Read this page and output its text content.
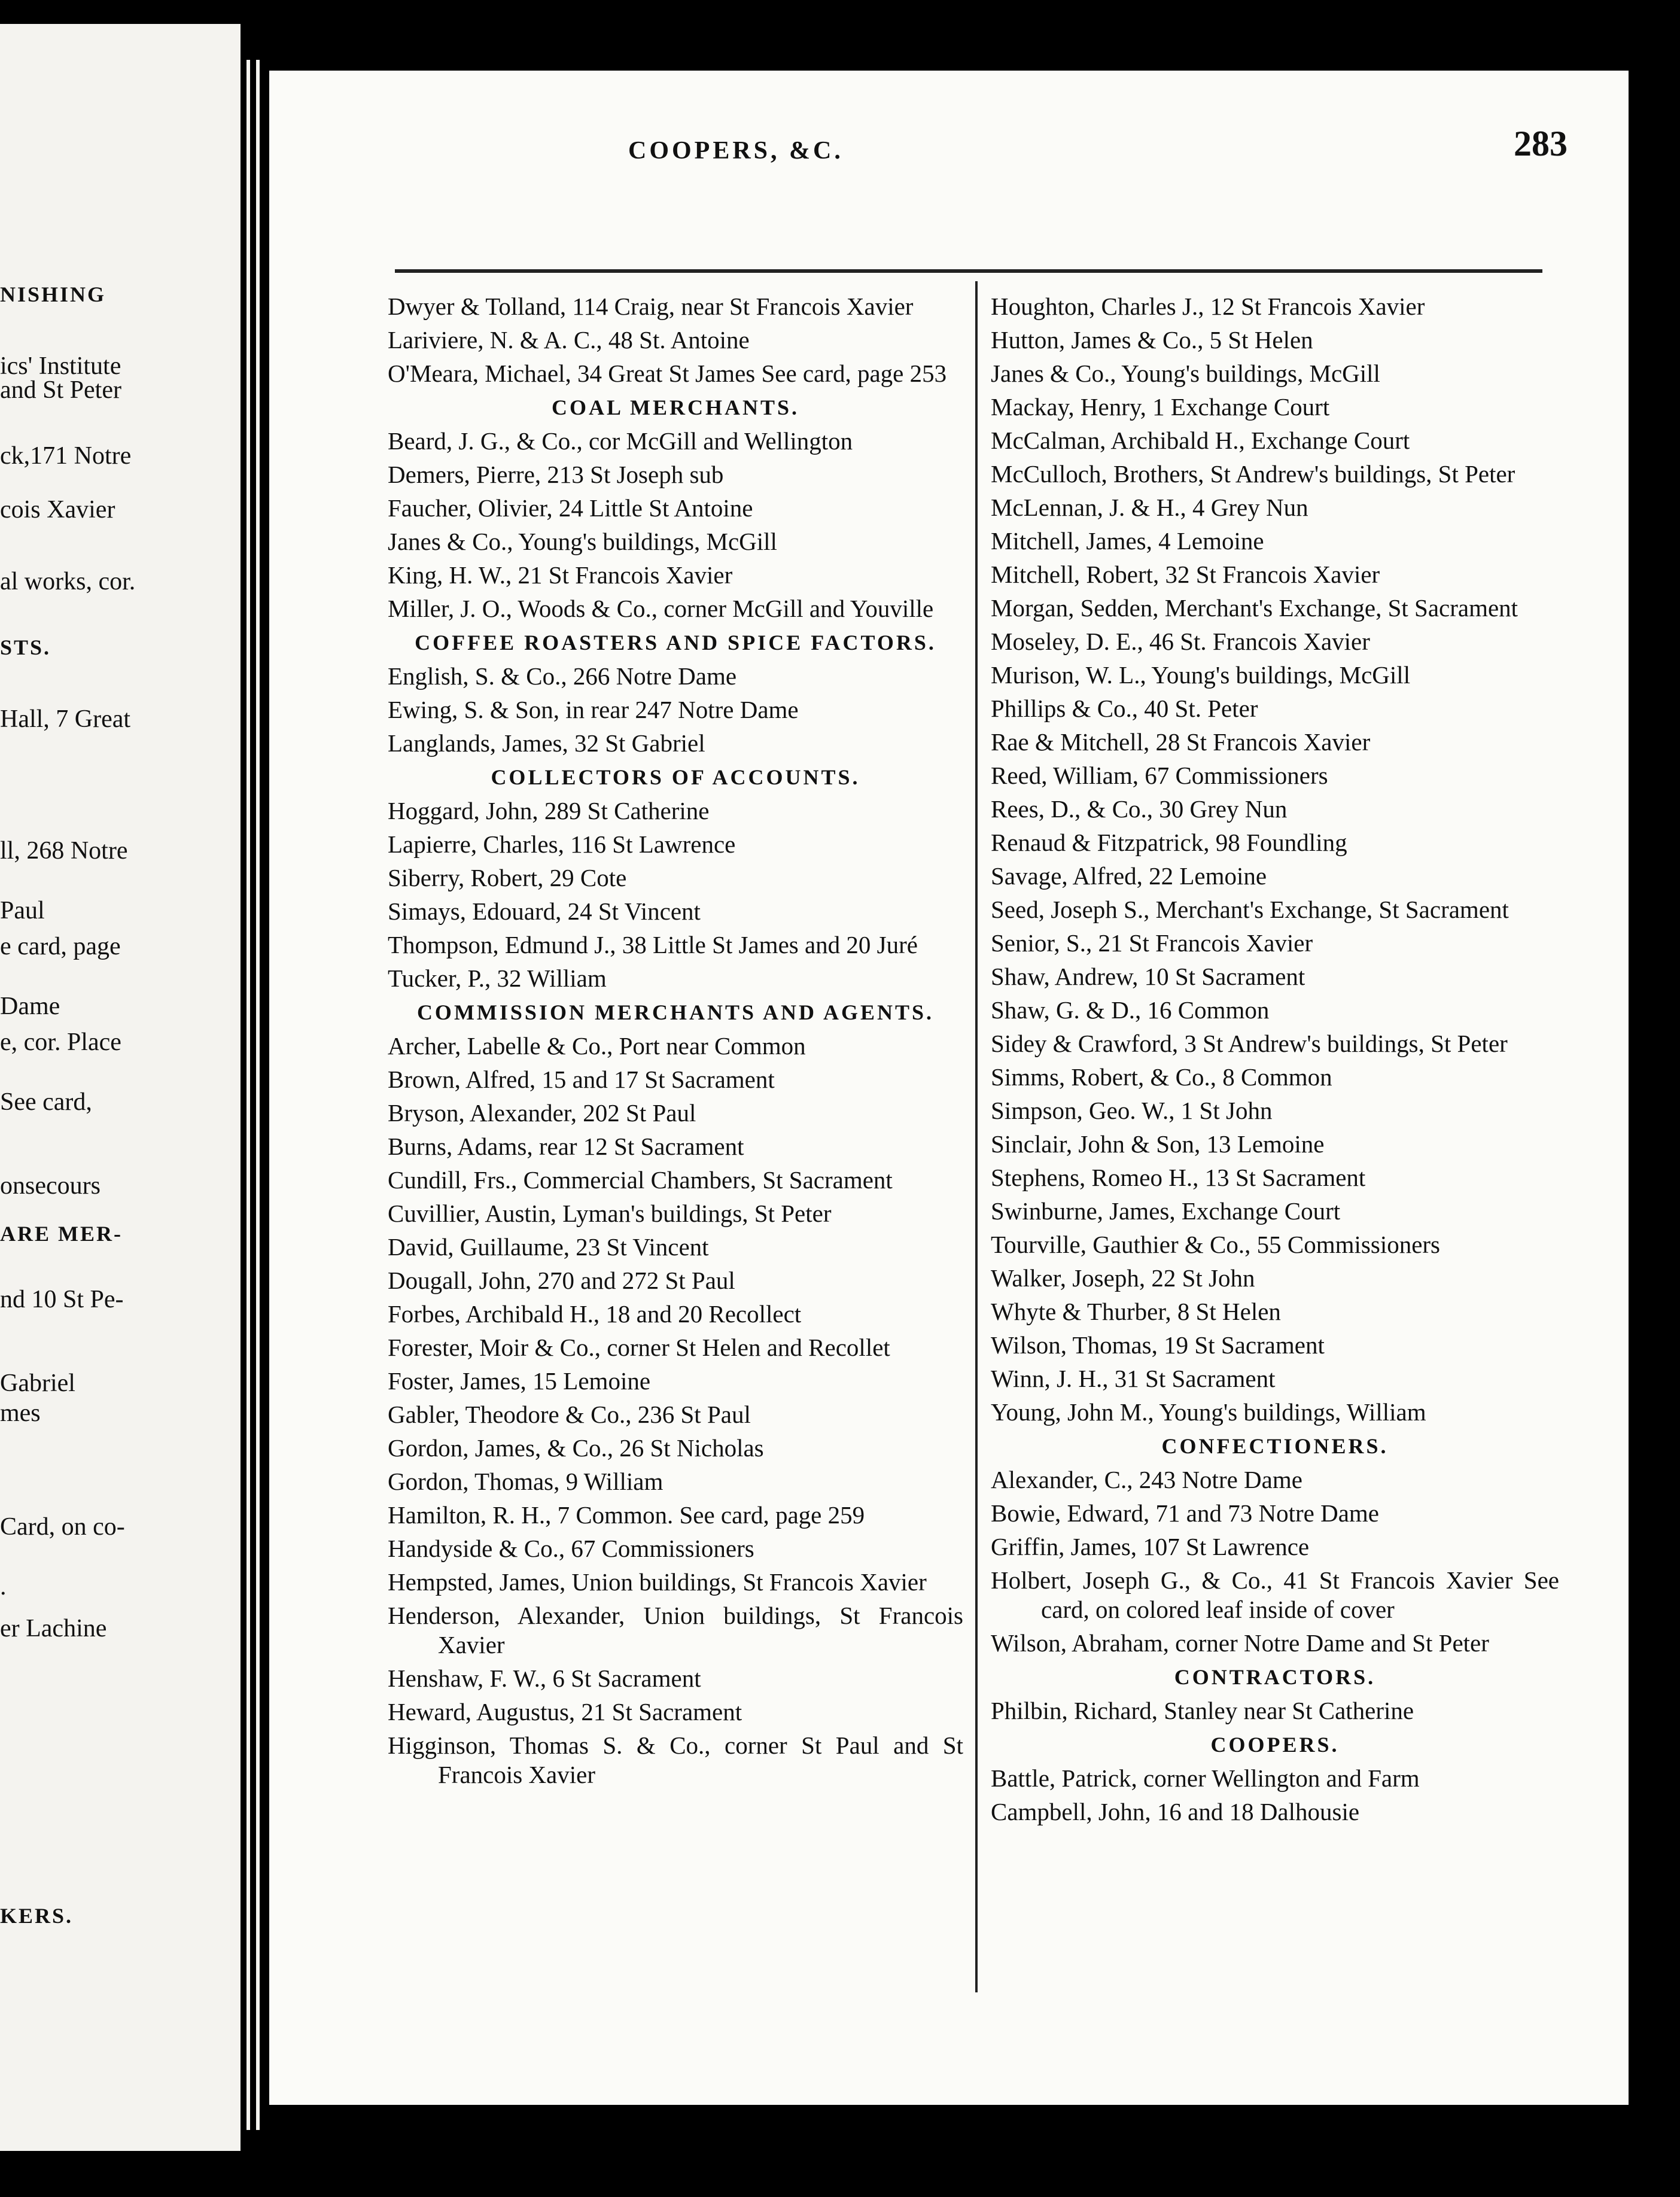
NISHING
ics' Institute
and St Peter
ck,171 Notre
cois Xavier
al works, cor.
STS.
Hall, 7 Great
ll, 268 Notre
Paul
e card, page
Dame
e, cor. Place
See card,
onsecours
ARE MER-
nd 10 St Pe-
Gabriel
mes
Card, on co-
.
er Lachine
KERS.
COOPERS, &C.	283
Dwyer & Tolland, 114 Craig, near St Francois Xavier
Lariviere, N. & A. C., 48 St. Antoine
O'Meara, Michael, 34 Great St James See card, page 253
COAL MERCHANTS.
Beard, J. G., & Co., cor McGill and Wellington
Demers, Pierre, 213 St Joseph sub
Faucher, Olivier, 24 Little St Antoine
Janes & Co., Young's buildings, McGill
King, H. W., 21 St Francois Xavier
Miller, J. O., Woods & Co., corner McGill and Youville
COFFEE ROASTERS AND SPICE FACTORS.
English, S. & Co., 266 Notre Dame
Ewing, S. & Son, in rear 247 Notre Dame
Langlands, James, 32 St Gabriel
COLLECTORS OF ACCOUNTS.
Hoggard, John, 289 St Catherine
Lapierre, Charles, 116 St Lawrence
Siberry, Robert, 29 Cote
Simays, Edouard, 24 St Vincent
Thompson, Edmund J., 38 Little St James and 20 Juré
Tucker, P., 32 William
COMMISSION MERCHANTS AND AGENTS.
Archer, Labelle & Co., Port near Common
Brown, Alfred, 15 and 17 St Sacrament
Bryson, Alexander, 202 St Paul
Burns, Adams, rear 12 St Sacrament
Cundill, Frs., Commercial Chambers, St Sacrament
Cuvillier, Austin, Lyman's buildings, St Peter
David, Guillaume, 23 St Vincent
Dougall, John, 270 and 272 St Paul
Forbes, Archibald H., 18 and 20 Recollect
Forester, Moir & Co., corner St Helen and Recollet
Foster, James, 15 Lemoine
Gabler, Theodore & Co., 236 St Paul
Gordon, James, & Co., 26 St Nicholas
Gordon, Thomas, 9 William
Hamilton, R. H., 7 Common. See card, page 259
Handyside & Co., 67 Commissioners
Hempsted, James, Union buildings, St Francois Xavier
Henderson, Alexander, Union buildings, St Francois Xavier
Henshaw, F. W., 6 St Sacrament
Heward, Augustus, 21 St Sacrament
Higginson, Thomas S. & Co., corner St Paul and St Francois Xavier
Houghton, Charles J., 12 St Francois Xavier
Hutton, James & Co., 5 St Helen
Janes & Co., Young's buildings, McGill
Mackay, Henry, 1 Exchange Court
McCalman, Archibald H., Exchange Court
McCulloch, Brothers, St Andrew's buildings, St Peter
McLennan, J. & H., 4 Grey Nun
Mitchell, James, 4 Lemoine
Mitchell, Robert, 32 St Francois Xavier
Morgan, Sedden, Merchant's Exchange, St Sacrament
Moseley, D. E., 46 St. Francois Xavier
Murison, W. L., Young's buildings, McGill
Phillips & Co., 40 St. Peter
Rae & Mitchell, 28 St Francois Xavier
Reed, William, 67 Commissioners
Rees, D., & Co., 30 Grey Nun
Renaud & Fitzpatrick, 98 Foundling
Savage, Alfred, 22 Lemoine
Seed, Joseph S., Merchant's Exchange, St Sacrament
Senior, S., 21 St Francois Xavier
Shaw, Andrew, 10 St Sacrament
Shaw, G. & D., 16 Common
Sidey & Crawford, 3 St Andrew's buildings, St Peter
Simms, Robert, & Co., 8 Common
Simpson, Geo. W., 1 St John
Sinclair, John & Son, 13 Lemoine
Stephens, Romeo H., 13 St Sacrament
Swinburne, James, Exchange Court
Tourville, Gauthier & Co., 55 Commissioners
Walker, Joseph, 22 St John
Whyte & Thurber, 8 St Helen
Wilson, Thomas, 19 St Sacrament
Winn, J. H., 31 St Sacrament
Young, John M., Young's buildings, William
CONFECTIONERS.
Alexander, C., 243 Notre Dame
Bowie, Edward, 71 and 73 Notre Dame
Griffin, James, 107 St Lawrence
Holbert, Joseph G., & Co., 41 St Francois Xavier See card, on colored leaf inside of cover
Wilson, Abraham, corner Notre Dame and St Peter
CONTRACTORS.
Philbin, Richard, Stanley near St Catherine
COOPERS.
Battle, Patrick, corner Wellington and Farm
Campbell, John, 16 and 18 Dalhousie
